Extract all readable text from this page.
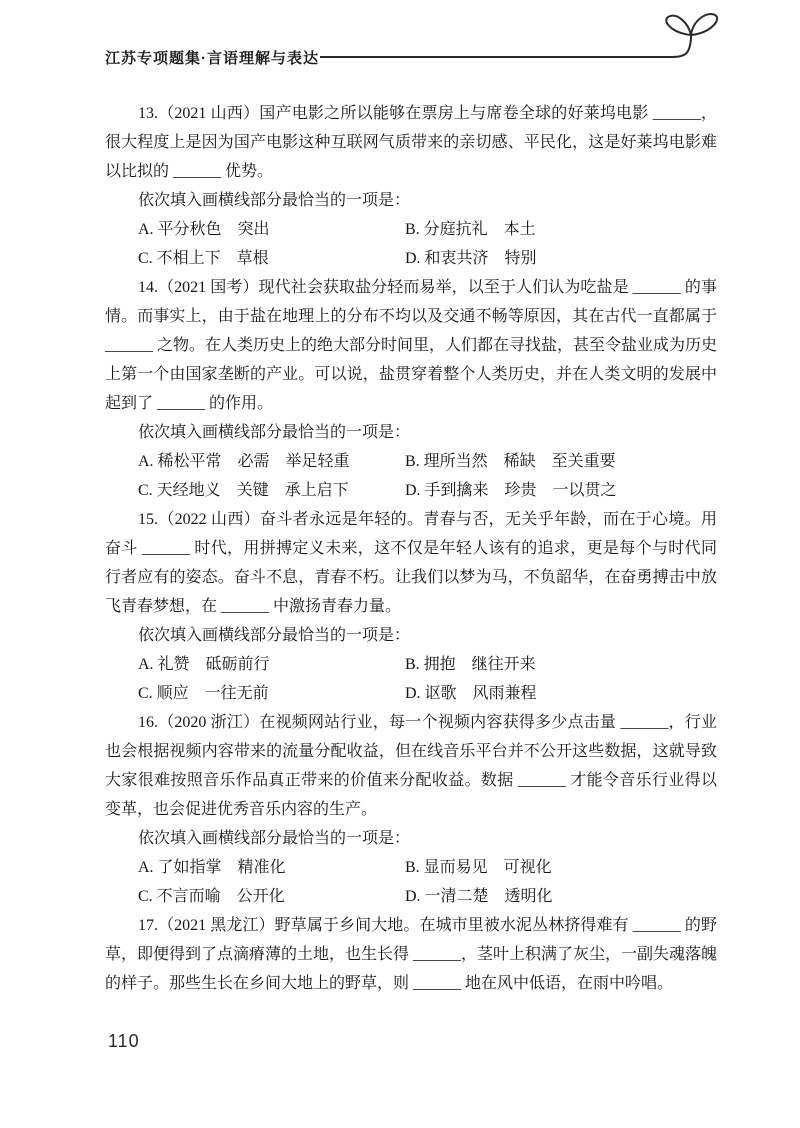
江苏专项题集·言语理解与表达

13.（2021 山西）国产电影之所以能够在票房上与席卷全球的好莱坞电影 ______，很大程度上是因为国产电影这种互联网气质带来的亲切感、平民化，这是好莱坞电影难以比拟的 ______ 优势。

依次填入画横线部分最恰当的一项是：

A. 平分秋色　突出	B. 分庭抗礼　本土
C. 不相上下　草根	D. 和衷共济　特别

14.（2021 国考）现代社会获取盐分轻而易举，以至于人们认为吃盐是 ______ 的事情。而事实上，由于盐在地理上的分布不均以及交通不畅等原因，其在古代一直都属于 ______ 之物。在人类历史上的绝大部分时间里，人们都在寻找盐，甚至令盐业成为历史上第一个由国家垄断的产业。可以说，盐贯穿着整个人类历史，并在人类文明的发展中起到了 ______ 的作用。

依次填入画横线部分最恰当的一项是：

A. 稀松平常　必需　举足轻重	B. 理所当然　稀缺　至关重要
C. 天经地义　关键　承上启下	D. 手到擒来　珍贵　一以贯之

15.（2022 山西）奋斗者永远是年轻的。青春与否，无关乎年龄，而在于心境。用奋斗 ______ 时代，用拼搏定义未来，这不仅是年轻人该有的追求，更是每个与时代同行者应有的姿态。奋斗不息，青春不朽。让我们以梦为马，不负韶华，在奋勇搏击中放飞青春梦想，在 ______ 中激扬青春力量。

依次填入画横线部分最恰当的一项是：

A. 礼赞　砥砺前行	B. 拥抱　继往开来
C. 顺应　一往无前	D. 讴歌　风雨兼程

16.（2020 浙江）在视频网站行业，每一个视频内容获得多少点击量 ______，行业也会根据视频内容带来的流量分配收益，但在线音乐平台并不公开这些数据，这就导致大家很难按照音乐作品真正带来的价值来分配收益。数据 ______ 才能令音乐行业得以变革，也会促进优秀音乐内容的生产。

依次填入画横线部分最恰当的一项是：

A. 了如指掌　精准化	B. 显而易见　可视化
C. 不言而喻　公开化	D. 一清二楚　透明化

17.（2021 黑龙江）野草属于乡间大地。在城市里被水泥丛林挤得难有 ______ 的野草，即便得到了点滴瘠薄的土地，也生长得 ______，茎叶上积满了灰尘，一副失魂落魄的样子。那些生长在乡间大地上的野草，则 ______ 地在风中低语，在雨中吟唱。

110
